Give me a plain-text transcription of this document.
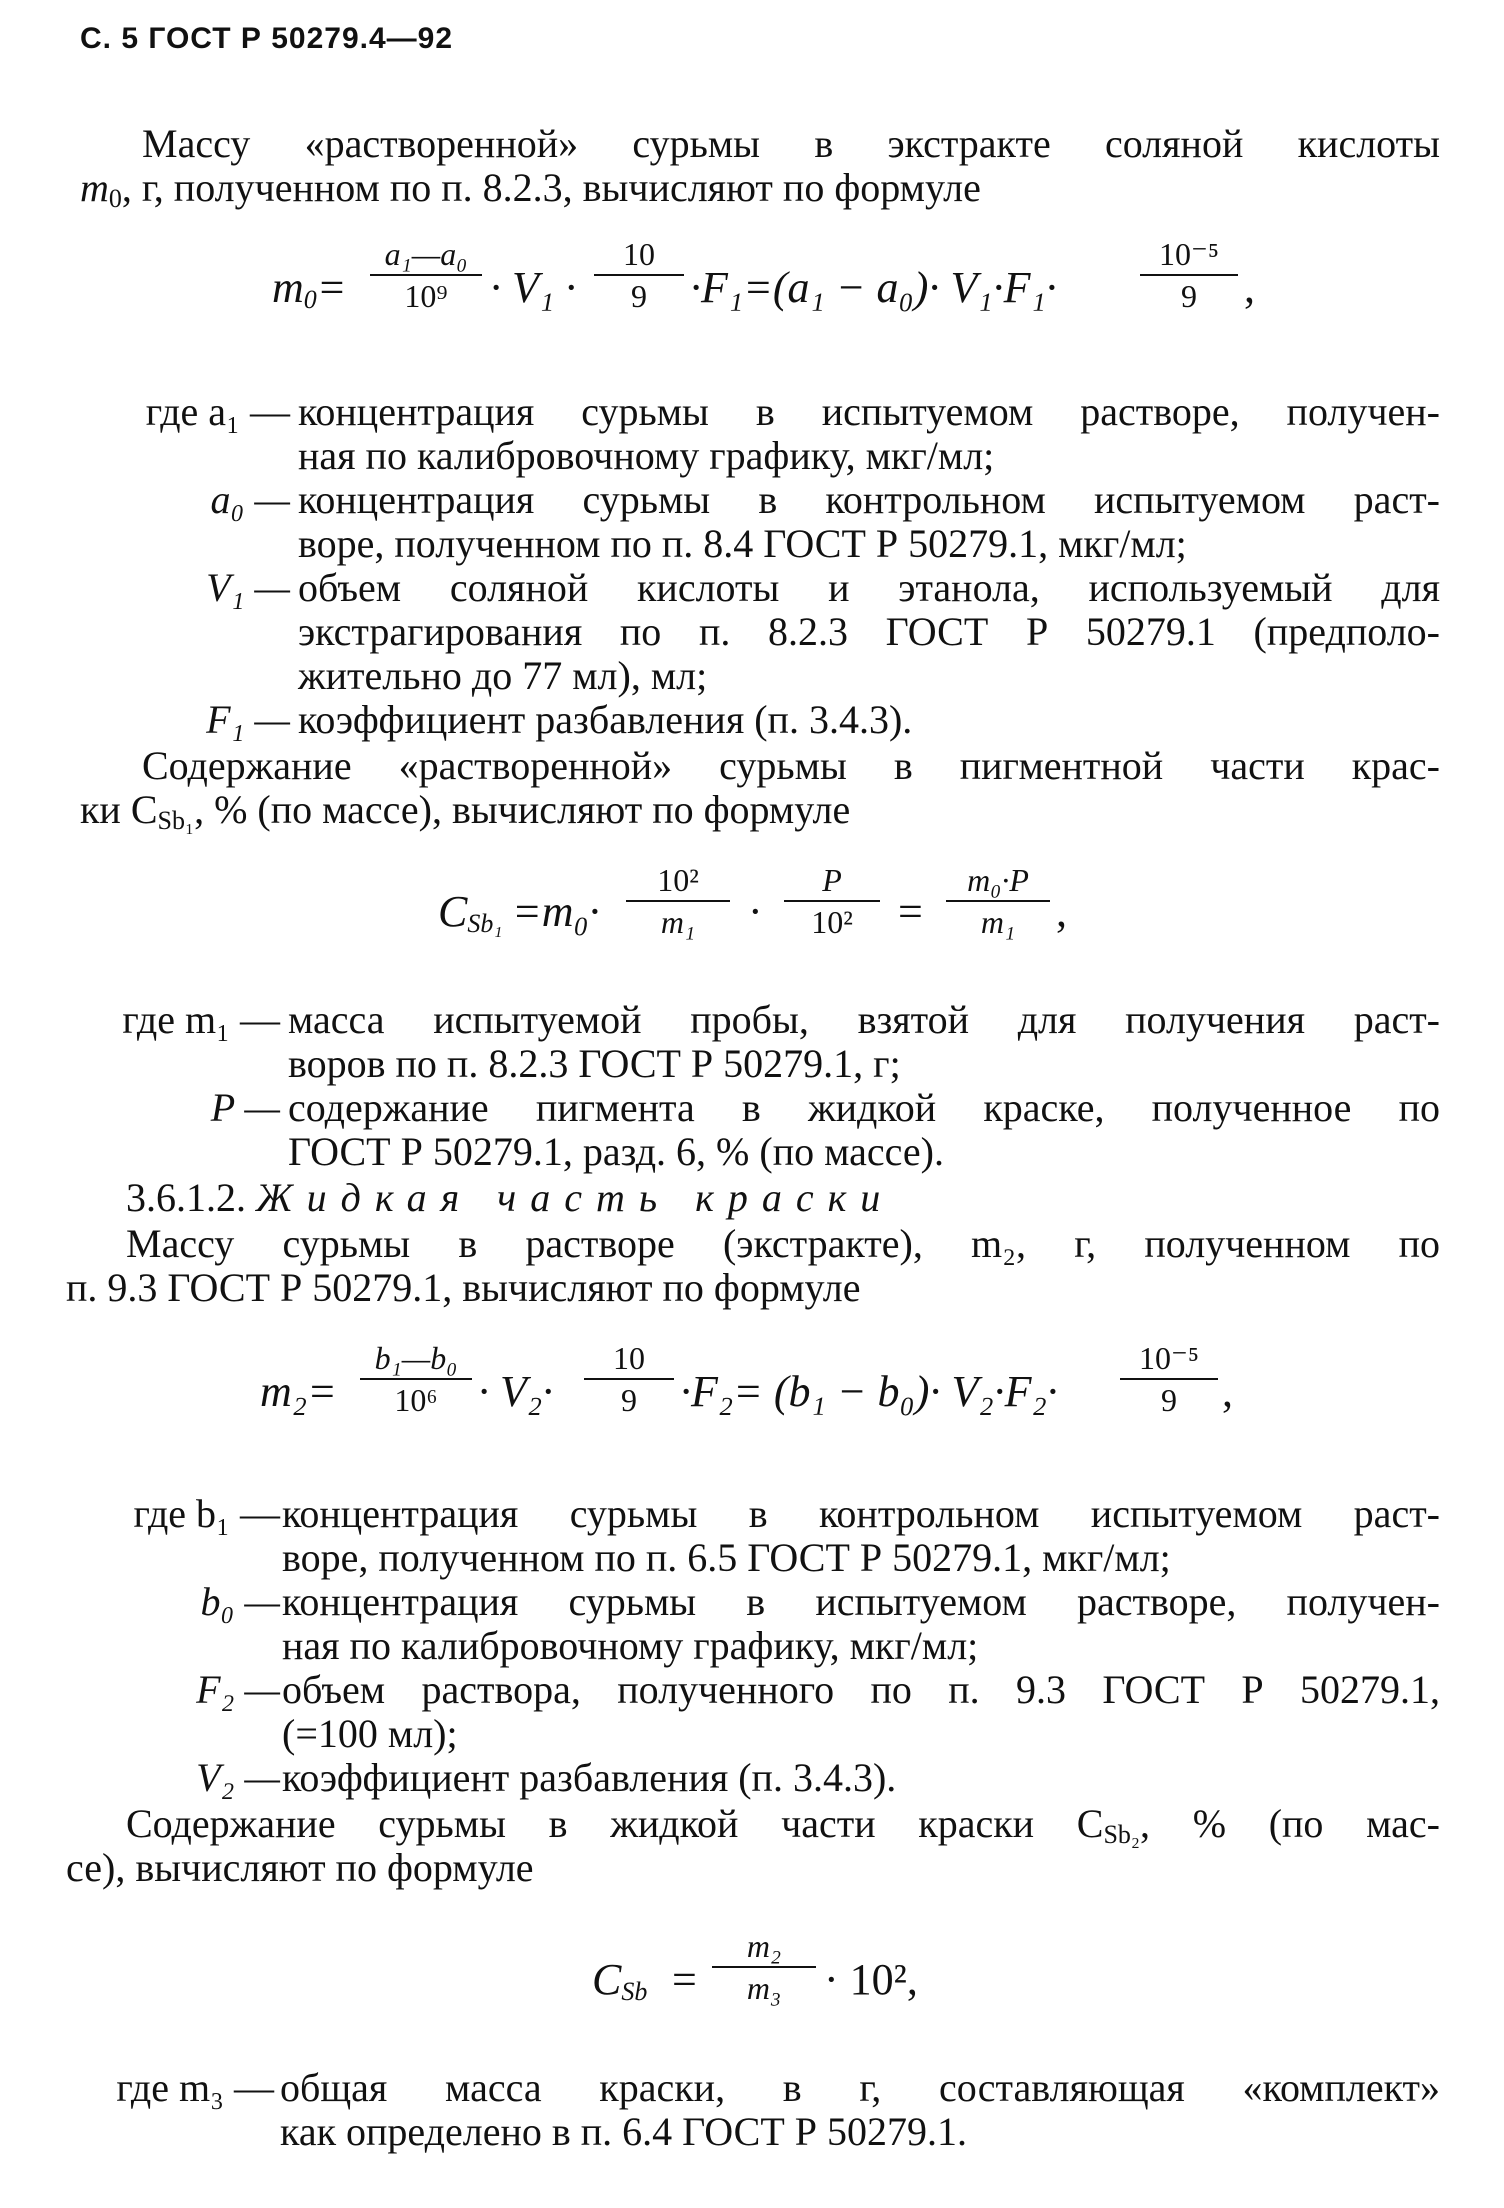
С. 5 ГОСТ Р 50279.4—92
Массу «растворенной» сурьмы в экстракте соляной кислоты
$m_0$, г, полученном по п. 8.2.3, вычисляют по формуле
$m_0=$
a₁—a₀
10⁹ · V₁ ·
10
9 ·F₁=(a₁ − a₀)· V₁·F₁·
10⁻⁵
9	,
где a₁ — концентрация сурьмы в испытуемом растворе, получен-
ная по калибровочному графику, мкг/мл;
a₀ — концентрация сурьмы в контрольном испытуемом раст-
воре, полученном по п. 8.4 ГОСТ Р 50279.1, мкг/мл;
V₁ — объем соляной кислоты и этанола, используемый для
экстрагирования по п. 8.2.3 ГОСТ Р 50279.1 (предполо-
жительно до 77 мл), мл;
F₁ — коэффициент разбавления (п. 3.4.3).
Содержание «растворенной» сурьмы в пигментной части крас-
ки $C_{Sb_1}$, % (по массе), вычисляют по формуле
$C_{Sb_1} =m_0\cdot$
10²
m₁	·
P
10²	=
m₀·P
m₁ ,
где m₁ — масса испытуемой пробы, взятой для получения раст-
воров по п. 8.2.3 ГОСТ Р 50279.1, г;
P — содержание пигмента в жидкой краске, полученное по
ГОСТ Р 50279.1, разд. 6, % (по массе).
3.6.1.2. Жидкая часть краски
Массу сурьмы в растворе (экстракте), m₂, г, полученном по
п. 9.3 ГОСТ Р 50279.1, вычисляют по формуле
m₂=
b₁—b₀
10⁶ · V₂·
10
9 ·F₂= (b₁ − b₀)· V₂·F₂·
10⁻⁵
9	,
где b₁ — концентрация сурьмы в контрольном испытуемом раст-
воре, полученном по п. 6.5 ГОСТ Р 50279.1, мкг/мл;
b₀ — концентрация сурьмы в испытуемом растворе, получен-
ная по калибровочному графику, мкг/мл;
F₂ — объем раствора, полученного по п. 9.3 ГОСТ Р 50279.1,
(=100 мл);
V₂ — коэффициент разбавления (п. 3.4.3).
Содержание сурьмы в жидкой части краски $C_{Sb_2}$, % (по мас-
се), вычисляют по формуле
$C_{Sb}$ =
m₂
m₃ · 10²,
где m₃ — общая масса краски, в г, составляющая «комплект»
как определено в п. 6.4 ГОСТ Р 50279.1.
